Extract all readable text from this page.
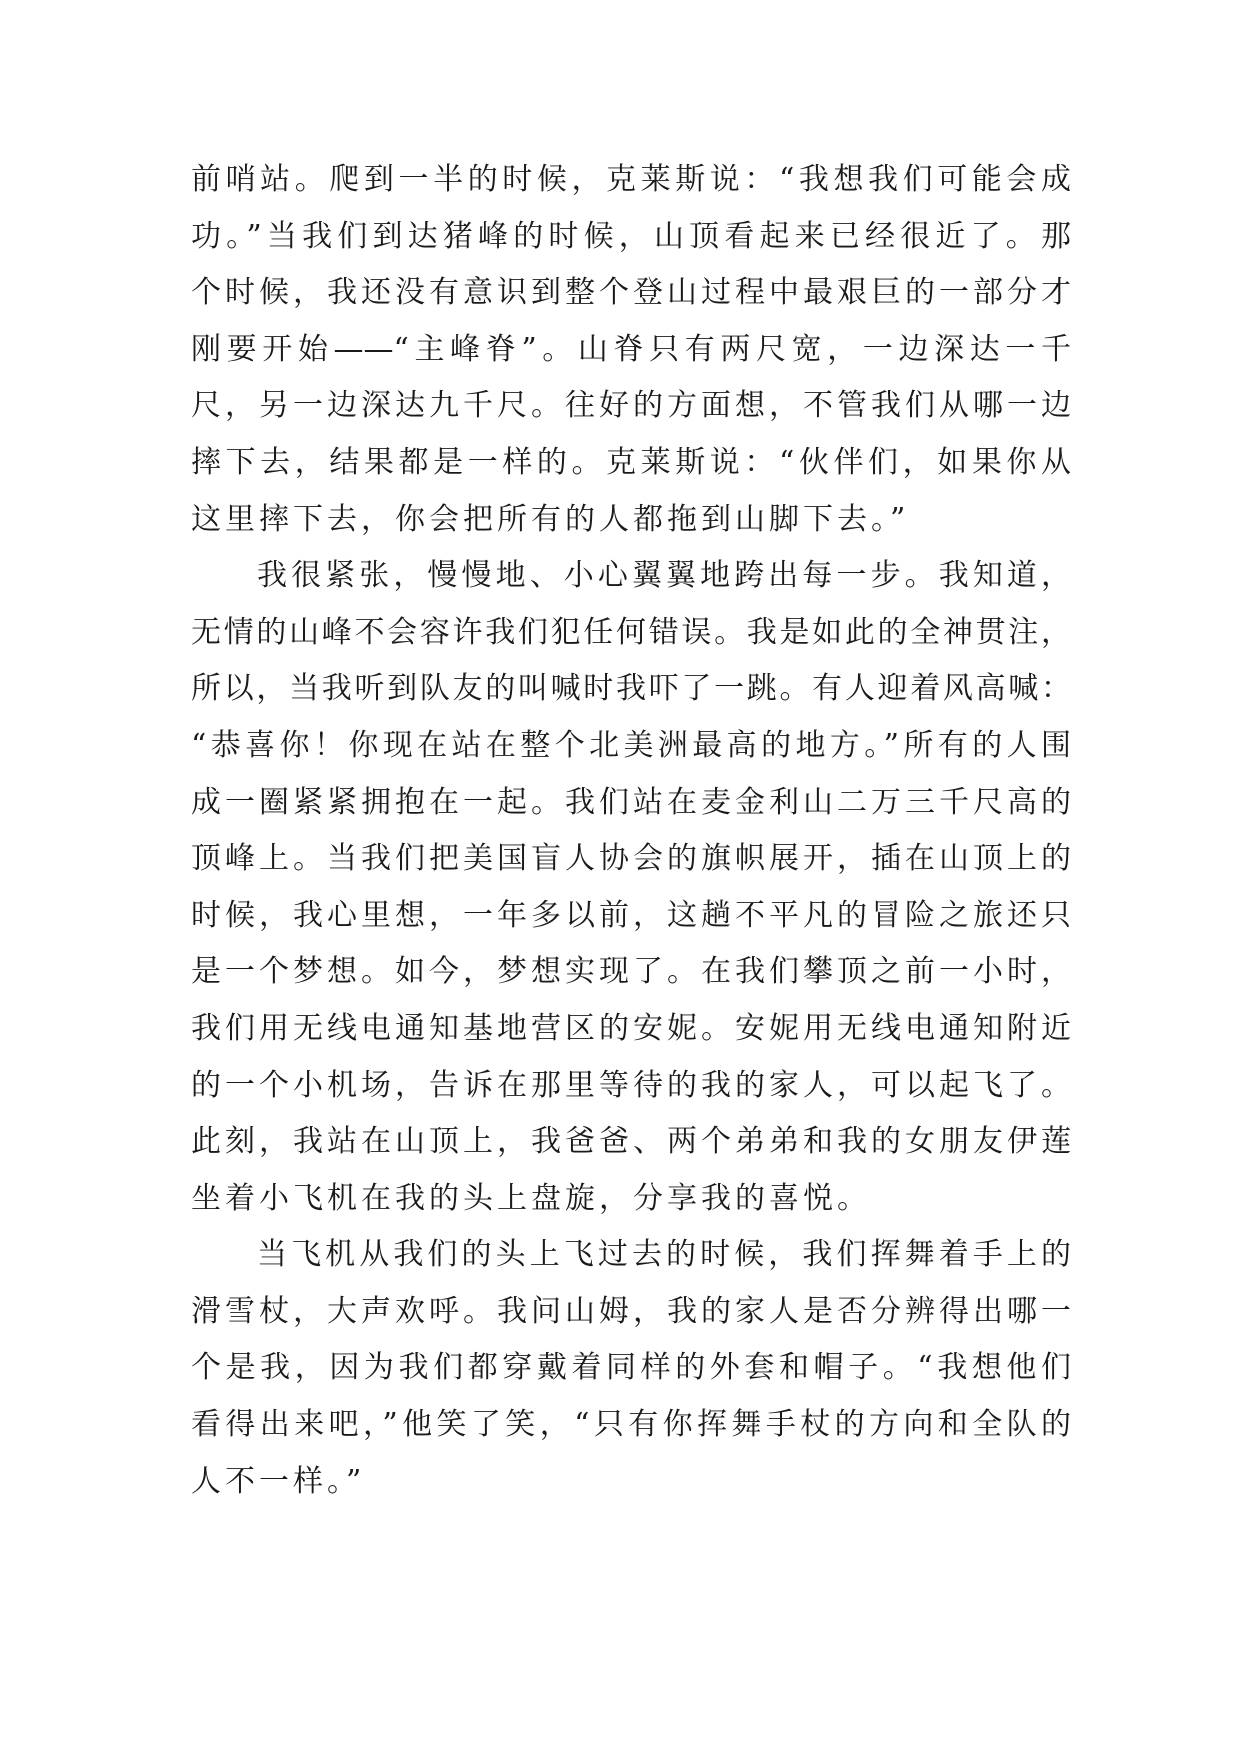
前哨站。爬到一半的时候，克莱斯说：“我想我们可能会成
功。”当我们到达猪峰的时候，山顶看起来已经很近了。那
个时候，我还没有意识到整个登山过程中最艰巨的一部分才
刚要开始——“主峰脊”。山脊只有两尺宽，一边深达一千
尺，另一边深达九千尺。往好的方面想，不管我们从哪一边
摔下去，结果都是一样的。克莱斯说：“伙伴们，如果你从
这里摔下去，你会把所有的人都拖到山脚下去。”
我很紧张，慢慢地、小心翼翼地跨出每一步。我知道，
无情的山峰不会容许我们犯任何错误。我是如此的全神贯注，
所以，当我听到队友的叫喊时我吓了一跳。有人迎着风高喊：
“恭喜你！你现在站在整个北美洲最高的地方。”所有的人围
成一圈紧紧拥抱在一起。我们站在麦金利山二万三千尺高的
顶峰上。当我们把美国盲人协会的旗帜展开，插在山顶上的
时候，我心里想，一年多以前，这趟不平凡的冒险之旅还只
是一个梦想。如今，梦想实现了。在我们攀顶之前一小时，
我们用无线电通知基地营区的安妮。安妮用无线电通知附近
的一个小机场，告诉在那里等待的我的家人，可以起飞了。
此刻，我站在山顶上，我爸爸、两个弟弟和我的女朋友伊莲
坐着小飞机在我的头上盘旋，分享我的喜悦。
当飞机从我们的头上飞过去的时候，我们挥舞着手上的
滑雪杖，大声欢呼。我问山姆，我的家人是否分辨得出哪一
个是我，因为我们都穿戴着同样的外套和帽子。“我想他们
看得出来吧，”他笑了笑，“只有你挥舞手杖的方向和全队的
人不一样。”
